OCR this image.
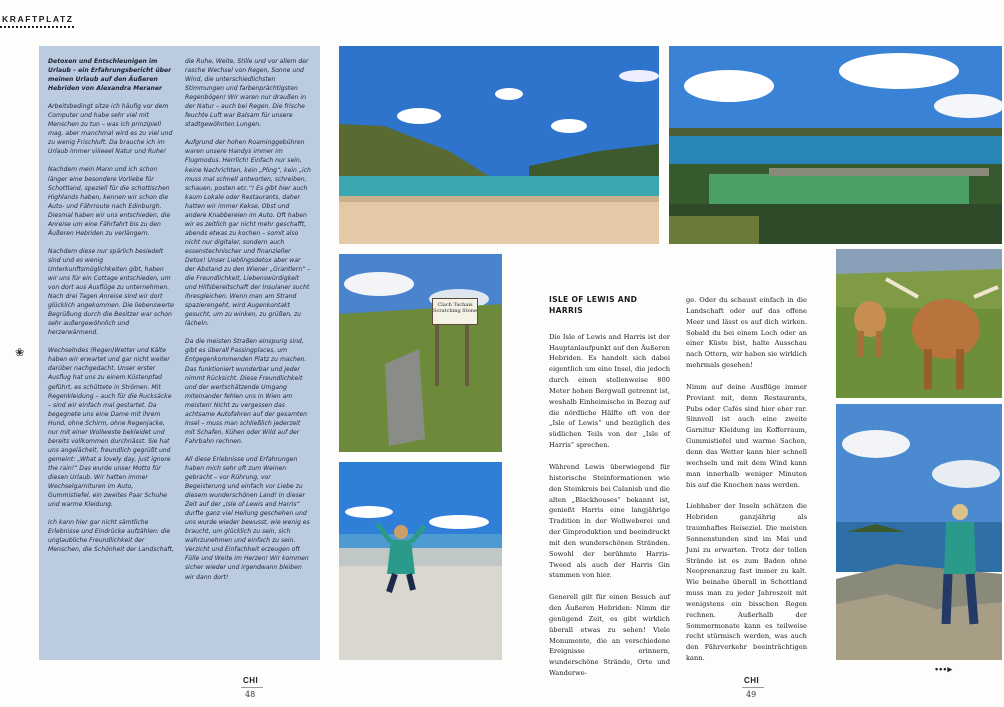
KRAFTPLATZ
❀

Detoxen und Entschleunigen im Urlaub – ein Erfahrungsbericht über meinen Urlaub auf den Äußeren Hebriden von Alexandra Meraner

Arbeitsbedingt sitze ich häufig vor dem Computer und habe sehr viel mit Menschen zu tun – was ich prinzipiell mag, aber manchmal wird es zu viel und zu wenig Frischluft. Da brauche ich im Urlaub immer viiieeel Natur und Ruhe!

Nachdem mein Mann und ich schon länger eine besondere Vorliebe für Schottland, speziell für die schottischen Highlands haben, kennen wir schon die Auto- und Fährroute nach Edinburgh. Diesmal haben wir uns entschieden, die Anreise um eine Fährfahrt bis zu den Äußeren Hebriden zu verlängern.

Nachdem diese nur spärlich besiedelt sind und es wenig Unterkunftsmöglichkeiten gibt, haben wir uns für ein Cottage entschieden, um von dort aus Ausflüge zu unternehmen. Nach drei Tagen Anreise sind wir dort glücklich angekommen. Die liebenswerte Begrüßung durch die Besitzer war schon sehr außergewöhnlich und herzerwärmend.

Wechselndes (Regen)Wetter und Kälte haben wir erwartet und gar nicht weiter darüber nachgedacht. Unser erster Ausflug hat uns zu einem Küstenpfad geführt, es schüttete in Strömen. Mit Regenkleidung – auch für die Rucksäcke – sind wir einfach mal gestartet. Da begegnete uns eine Dame mit ihrem Hund, ohne Schirm, ohne Regenjacke, nur mit einer Wollweste bekleidet und bereits vollkommen durchnässt. Sie hat uns angelächelt, freundlich gegrüßt und gemeint: „What a lovely day, just ignore the rain!“ Das wurde unser Motto für diesen Urlaub. Wir hatten immer Wechselgarnituren im Auto, Gummistiefel, ein zweites Paar Schuhe und warme Kleidung.

Ich kann hier gar nicht sämtliche Erlebnisse und Eindrücke aufzählen: die unglaubliche Freundlichkeit der Menschen, die Schönheit der Landschaft,

die Ruhe, Weite, Stille und vor allem der rasche Wechsel von Regen, Sonne und Wind, die unterschiedlichsten Stimmungen und farbenprächtigsten Regenbögen! Wir waren nur draußen in der Natur – auch bei Regen. Die frische feuchte Luft war Balsam für unsere stadtgewöhnten Lungen.

Aufgrund der hohen Roaminggebühren waren unsere Handys immer im Flugmodus. Herrlich! Einfach nur sein, keine Nachrichten, kein „Pling“, kein „ich muss mal schnell antworten, schreiben, schauen, posten etc.“! Es gibt hier auch kaum Lokale oder Restaurants, daher hatten wir immer Kekse, Obst und andere Knabbereien im Auto. Oft haben wir es zeitlich gar nicht mehr geschafft, abends etwas zu kochen – somit also nicht nur digitaler, sondern auch essenstechnischer und finanzieller Detox! Unser Lieblingsdetox aber war der Abstand zu den Wiener „Grantlern“ – die Freundlichkeit, Liebenswürdigkeit und Hilfsbereitschaft der Insulaner sucht ihresgleichen. Wenn man am Strand spazierengeht, wird Augenkontakt gesucht, um zu winken, zu grüßen, zu lächeln.

Da die meisten Straßen einspurig sind, gibt es überall Passingplaces, um Entgegenkommenden Platz zu machen. Das funktioniert wunderbar und jeder nimmt Rücksicht. Diese Freundlichkeit und der wertschätzende Umgang miteinander fehlen uns in Wien am meisten! Nicht zu vergessen das achtsame Autofahren auf der gesamten Insel – muss man schließlich jederzeit mit Schafen, Kühen oder Wild auf der Fahrbahn rechnen.

All diese Erlebnisse und Erfahrungen haben mich sehr oft zum Weinen gebracht – vor Rührung, vor Begeisterung und einfach vor Liebe zu diesem wunderschönen Land! In dieser Zeit auf der „Isle of Lewis and Harris“ durfte ganz viel Heilung geschehen und uns wurde wieder bewusst, wie wenig es braucht, um glücklich zu sein, sich wahrzunehmen und einfach zu sein. Verzicht und Einfachheit erzeugen oft Fülle und Weite im Herzen! Wir kommen sicher wieder und irgendwann bleiben wir dann dort!

Clach Tachais
Scratching Stone
ISLE OF LEWIS AND HARRIS

Die Isle of Lewis and Harris ist der Hauptanlaufpunkt auf den Äußeren Hebriden. Es handelt sich dabei eigentlich um eine Insel, die jedoch durch einen stellenweise 800 Meter hohen Bergwall getrennt ist, weshalb Einheimische in Bezug auf die nördliche Hälfte oft von der „Isle of Lewis“ und bezüglich des südlichen Teils von der „Isle of Harris“ sprechen.

Während Lewis überwiegend für historische Steinformationen wie den Steinkreis bei Calanish und die alten „Blackhouses“ bekannt ist, genießt Harris eine langjährige Tradition in der Wollweberei und der Ginproduktion und beeindruckt mit den wunderschönen Stränden. Sowohl der berühmte Harris-Tweed als auch der Harris Gin stammen von hier.

Generell gilt für einen Besuch auf den Äußeren Hebriden: Nimm dir genügend Zeit, es gibt wirklich überall etwas zu sehen! Viele Monumente, die an verschiedene Ereignisse erinnern, wunderschöne Strände, Orte und Wanderwe-

ge. Oder du schaust einfach in die Landschaft oder auf das offene Meer und lässt es auf dich wirken. Sobald du bei einem Loch oder an einer Küste bist, halte Ausschau nach Ottern, wir haben sie wirklich mehrmals gesehen!

Nimm auf deine Ausflüge immer Proviant mit, denn Restaurants, Pubs oder Cafés sind hier eher rar. Sinnvoll ist auch eine zweite Garnitur Kleidung im Kofferraum, Gummistiefel und warme Sachen, denn das Wetter kann hier schnell wechseln und mit dem Wind kann man innerhalb weniger Minuten bis auf die Knochen nass werden.

Liebhaber der Inseln schätzen die Hebriden ganzjährig als traumhaftes Reiseziel. Die meisten Sonnenstunden sind im Mai und Juni zu erwarten. Trotz der tollen Strände ist es zum Baden ohne Neoprenanzug fast immer zu kalt. Wie beinahe überall in Schottland muss man zu jeder Jahreszeit mit wenigstens ein bisschen Regen rechnen. Außerhalb der Sommermonate kann es teilweise recht stürmisch werden, was auch den Fährverkehr beeinträchtigen kann.

CHI
48
CHI
49
•••▸
